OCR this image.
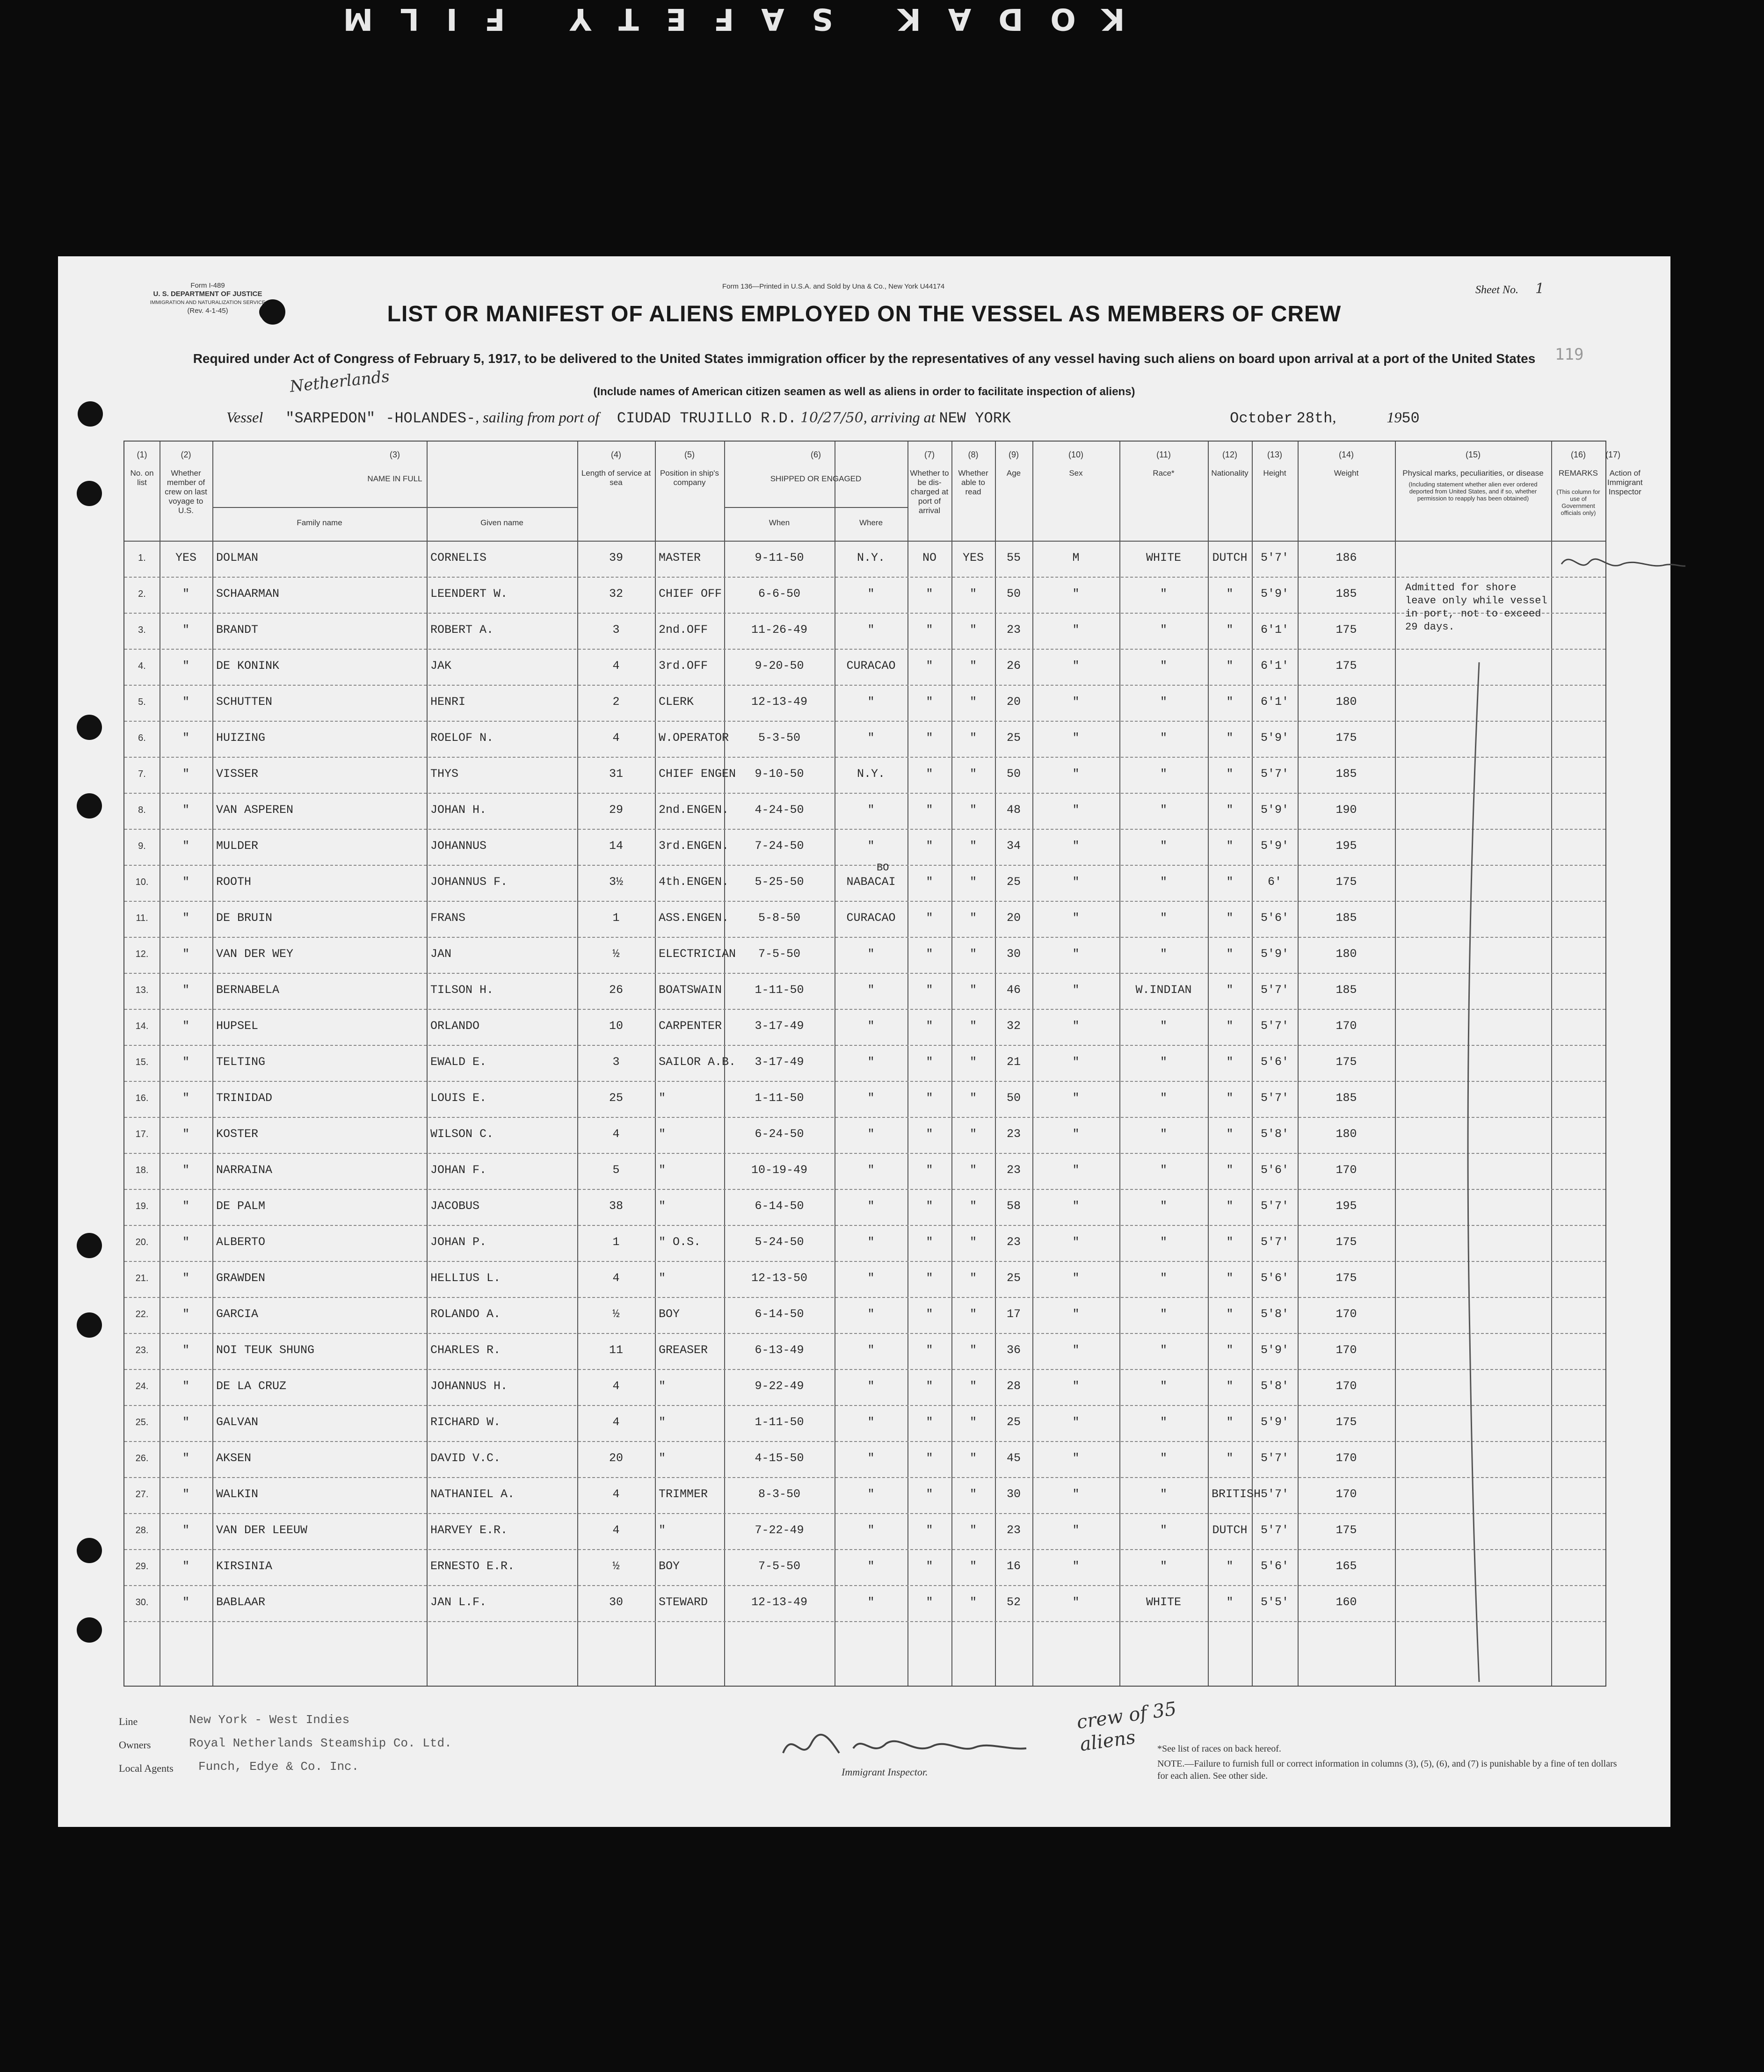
KODAK SAFETY FILM
Form I-489
U. S. DEPARTMENT OF JUSTICE
IMMIGRATION AND NATURALIZATION SERVICE
(Rev. 4-1-45)
Form 136—Printed in U.S.A. and Sold by Una & Co., New York U44174	Sheet No. 1
119
LIST OR MANIFEST OF ALIENS EMPLOYED ON THE VESSEL AS MEMBERS OF CREW
Required under Act of Congress of February 5, 1917, to be delivered to the United States immigration officer by the representatives of any vessel having such aliens on board upon arrival at a port of the United States
(Include names of American citizen seamen as well as aliens in order to facilitate inspection of aliens)
Netherlands
Vessel "SARPEDON" -HOLANDES-, sailing from port of CIUDAD TRUJILLO R.D. 10/27/50, arriving at NEW YORK	October 28th,	1950
(1)
No. on list
(2)
Whether member of crew on last voyage to U.S.
(3)
NAME IN FULL
(4)
Length of service at sea
(5)
Position in ship's company
(6)
SHIPPED OR ENGAGED
(7)
Whether to be dis-charged at port of arrival
(8)
Whether able to read
(9)
Age
(10)
Sex
(11)
Race*
(12)
Nationality
(13)
Height
(14)
Weight
(15)
Physical marks, peculiarities, or disease
(16)
REMARKS
(17)
Action of Immigrant Inspector
Family name	Given name	When	Where
(Including statement whether alien ever ordered deported from United States, and if so, whether permission to reapply has been obtained)
(This column for use of Government officials only)
1.	YES	DOLMAN	CORNELIS	39	MASTER	9-11-50	N.Y.	NO	YES	55	M	WHITE	DUTCH	5'7'	186
2.	"	SCHAARMAN	LEENDERT W.	32	CHIEF OFF	6-6-50	"	"	"	50	"	"	"	5'9'	185
3.	"	BRANDT	ROBERT A.	3	2nd.OFF	11-26-49	"	"	"	23	"	"	"	6'1'	175
4.	"	DE KONINK	JAK	4	3rd.OFF	9-20-50	CURACAO	"	"	26	"	"	"	6'1'	175
5.	"	SCHUTTEN	HENRI	2	CLERK	12-13-49	"	"	"	20	"	"	"	6'1'	180
6.	"	HUIZING	ROELOF N.	4	W.OPERATOR	5-3-50	"	"	"	25	"	"	"	5'9'	175
7.	"	VISSER	THYS	31	CHIEF ENGEN	9-10-50	N.Y.	"	"	50	"	"	"	5'7'	185
8.	"	VAN ASPEREN	JOHAN H.	29	2nd.ENGEN.	4-24-50	"	"	"	48	"	"	"	5'9'	190
9.	"	MULDER	JOHANNUS	14	3rd.ENGEN.	7-24-50	"	"	"	34	"	"	"	5'9'	195
10.	"	ROOTH	JOHANNUS F.	3½	4th.ENGEN.	5-25-50	NABACAI	"	"	25	"	"	"	6'	175
11.	"	DE BRUIN	FRANS	1	ASS.ENGEN.	5-8-50	CURACAO	"	"	20	"	"	"	5'6'	185
12.	"	VAN DER WEY	JAN	½	ELECTRICIAN	7-5-50	"	"	"	30	"	"	"	5'9'	180
13.	"	BERNABELA	TILSON H.	26	BOATSWAIN	1-11-50	"	"	"	46	"	W.INDIAN	"	5'7'	185
14.	"	HUPSEL	ORLANDO	10	CARPENTER	3-17-49	"	"	"	32	"	"	"	5'7'	170
15.	"	TELTING	EWALD E.	3	SAILOR A.B.	3-17-49	"	"	"	21	"	"	"	5'6'	175
16.	"	TRINIDAD	LOUIS E.	25	"	1-11-50	"	"	"	50	"	"	"	5'7'	185
17.	"	KOSTER	WILSON C.	4	"	6-24-50	"	"	"	23	"	"	"	5'8'	180
18.	"	NARRAINA	JOHAN F.	5	"	10-19-49	"	"	"	23	"	"	"	5'6'	170
19.	"	DE PALM	JACOBUS	38	"	6-14-50	"	"	"	58	"	"	"	5'7'	195
20.	"	ALBERTO	JOHAN P.	1	" O.S.	5-24-50	"	"	"	23	"	"	"	5'7'	175
21.	"	GRAWDEN	HELLIUS L.	4	"	12-13-50	"	"	"	25	"	"	"	5'6'	175
22.	"	GARCIA	ROLANDO A.	½	BOY	6-14-50	"	"	"	17	"	"	"	5'8'	170
23.	"	NOI TEUK SHUNG	CHARLES R.	11	GREASER	6-13-49	"	"	"	36	"	"	"	5'9'	170
24.	"	DE LA CRUZ	JOHANNUS H.	4	"	9-22-49	"	"	"	28	"	"	"	5'8'	170
25.	"	GALVAN	RICHARD W.	4	"	1-11-50	"	"	"	25	"	"	"	5'9'	175
26.	"	AKSEN	DAVID V.C.	20	"	4-15-50	"	"	"	45	"	"	"	5'7'	170
27.	"	WALKIN	NATHANIEL A.	4	TRIMMER	8-3-50	"	"	"	30	"	"	BRITISH 5'7'	170
28.	"	VAN DER LEEUW	HARVEY E.R.	4	"	7-22-49	"	"	"	23	"	"	DUTCH	5'7'	175
29.	"	KIRSINIA	ERNESTO E.R.	½	BOY	7-5-50	"	"	"	16	"	"	"	5'6'	165
30.	"	BABLAAR	JAN L.F.	30	STEWARD	12-13-49	"	"	"	52	"	WHITE	"	5'5'	160
Admitted for shore leave only while vessel in port, not to exceed 29 days.
BO
Line	New York - West Indies
Owners	Royal Netherlands Steamship Co. Ltd.
Local Agents Funch, Edye & Co. Inc.	Immigrant Inspector.
crew of 35 aliens	*See list of races on back hereof.
NOTE.—Failure to furnish full or correct information in columns (3), (5), (6), and (7) is punishable by a fine of ten dollars for each alien. See other side.
